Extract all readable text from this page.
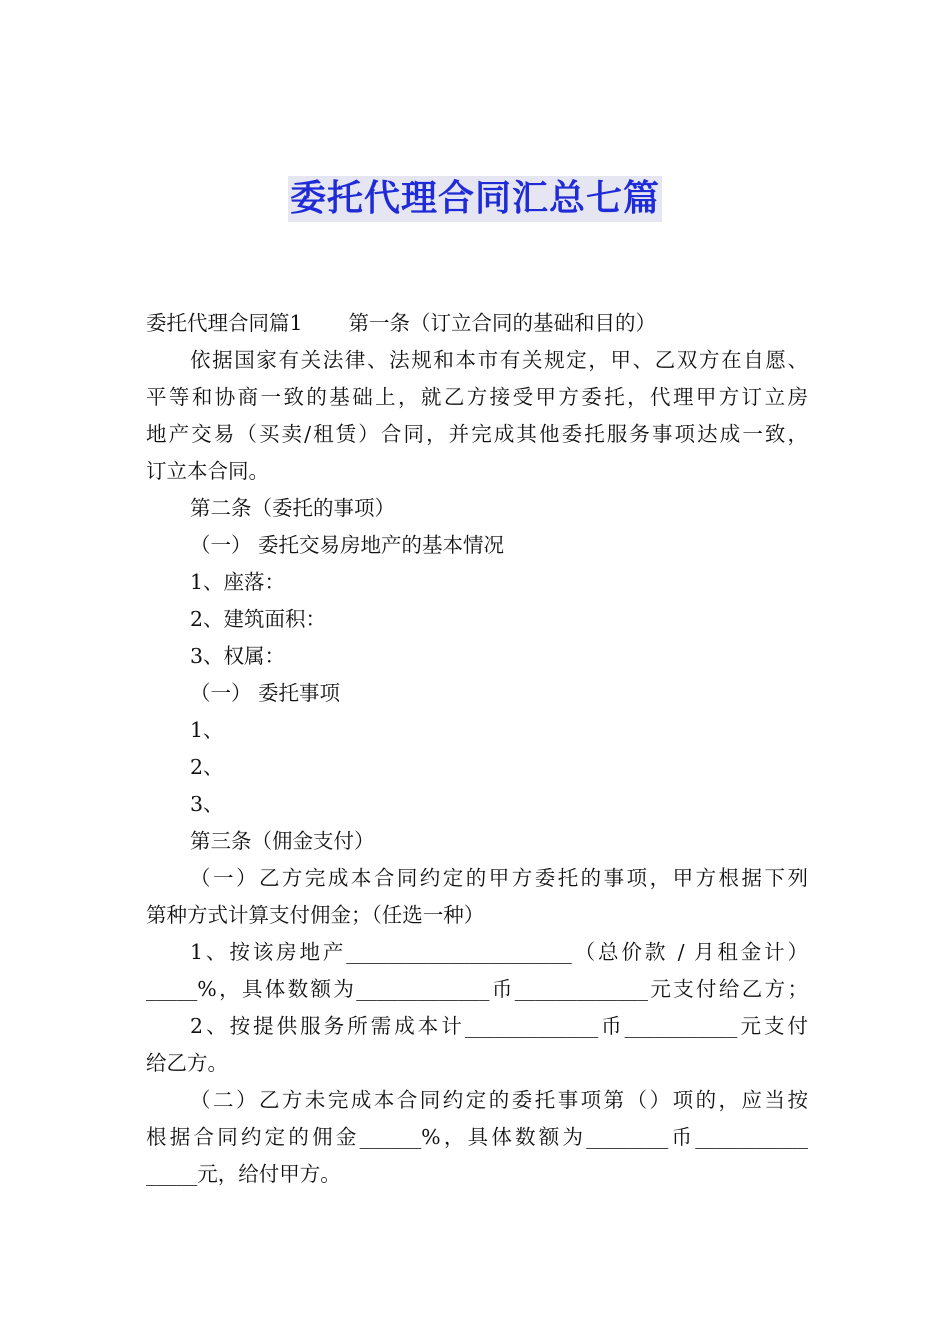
委托代理合同汇总七篇
委托代理合同篇1 第一条（订立合同的基础和目的）
依据国家有关法律、法规和本市有关规定，甲、乙双方在自愿、
平等和协商一致的基础上，就乙方接受甲方委托，代理甲方订立房
地产交易（买卖/租赁）合同，并完成其他委托服务事项达成一致，
订立本合同。
第二条（委托的事项）
（一） 委托交易房地产的基本情况
1、座落：
2、建筑面积：
3、权属：
（一） 委托事项
1、
2、
3、
第三条（佣金支付）
（一）乙方完成本合同约定的甲方委托的事项，甲方根据下列
第种方式计算支付佣金；（任选一种）
1、按该房地产______________________（总价款 / 月租金计）
_____%，具体数额为_____________币_____________元支付给乙方；
2、按提供服务所需成本计_____________币___________元支付
给乙方。
（二）乙方未完成本合同约定的委托事项第（）项的，应当按
根据合同约定的佣金______%，具体数额为________币___________
_____元，给付甲方。
